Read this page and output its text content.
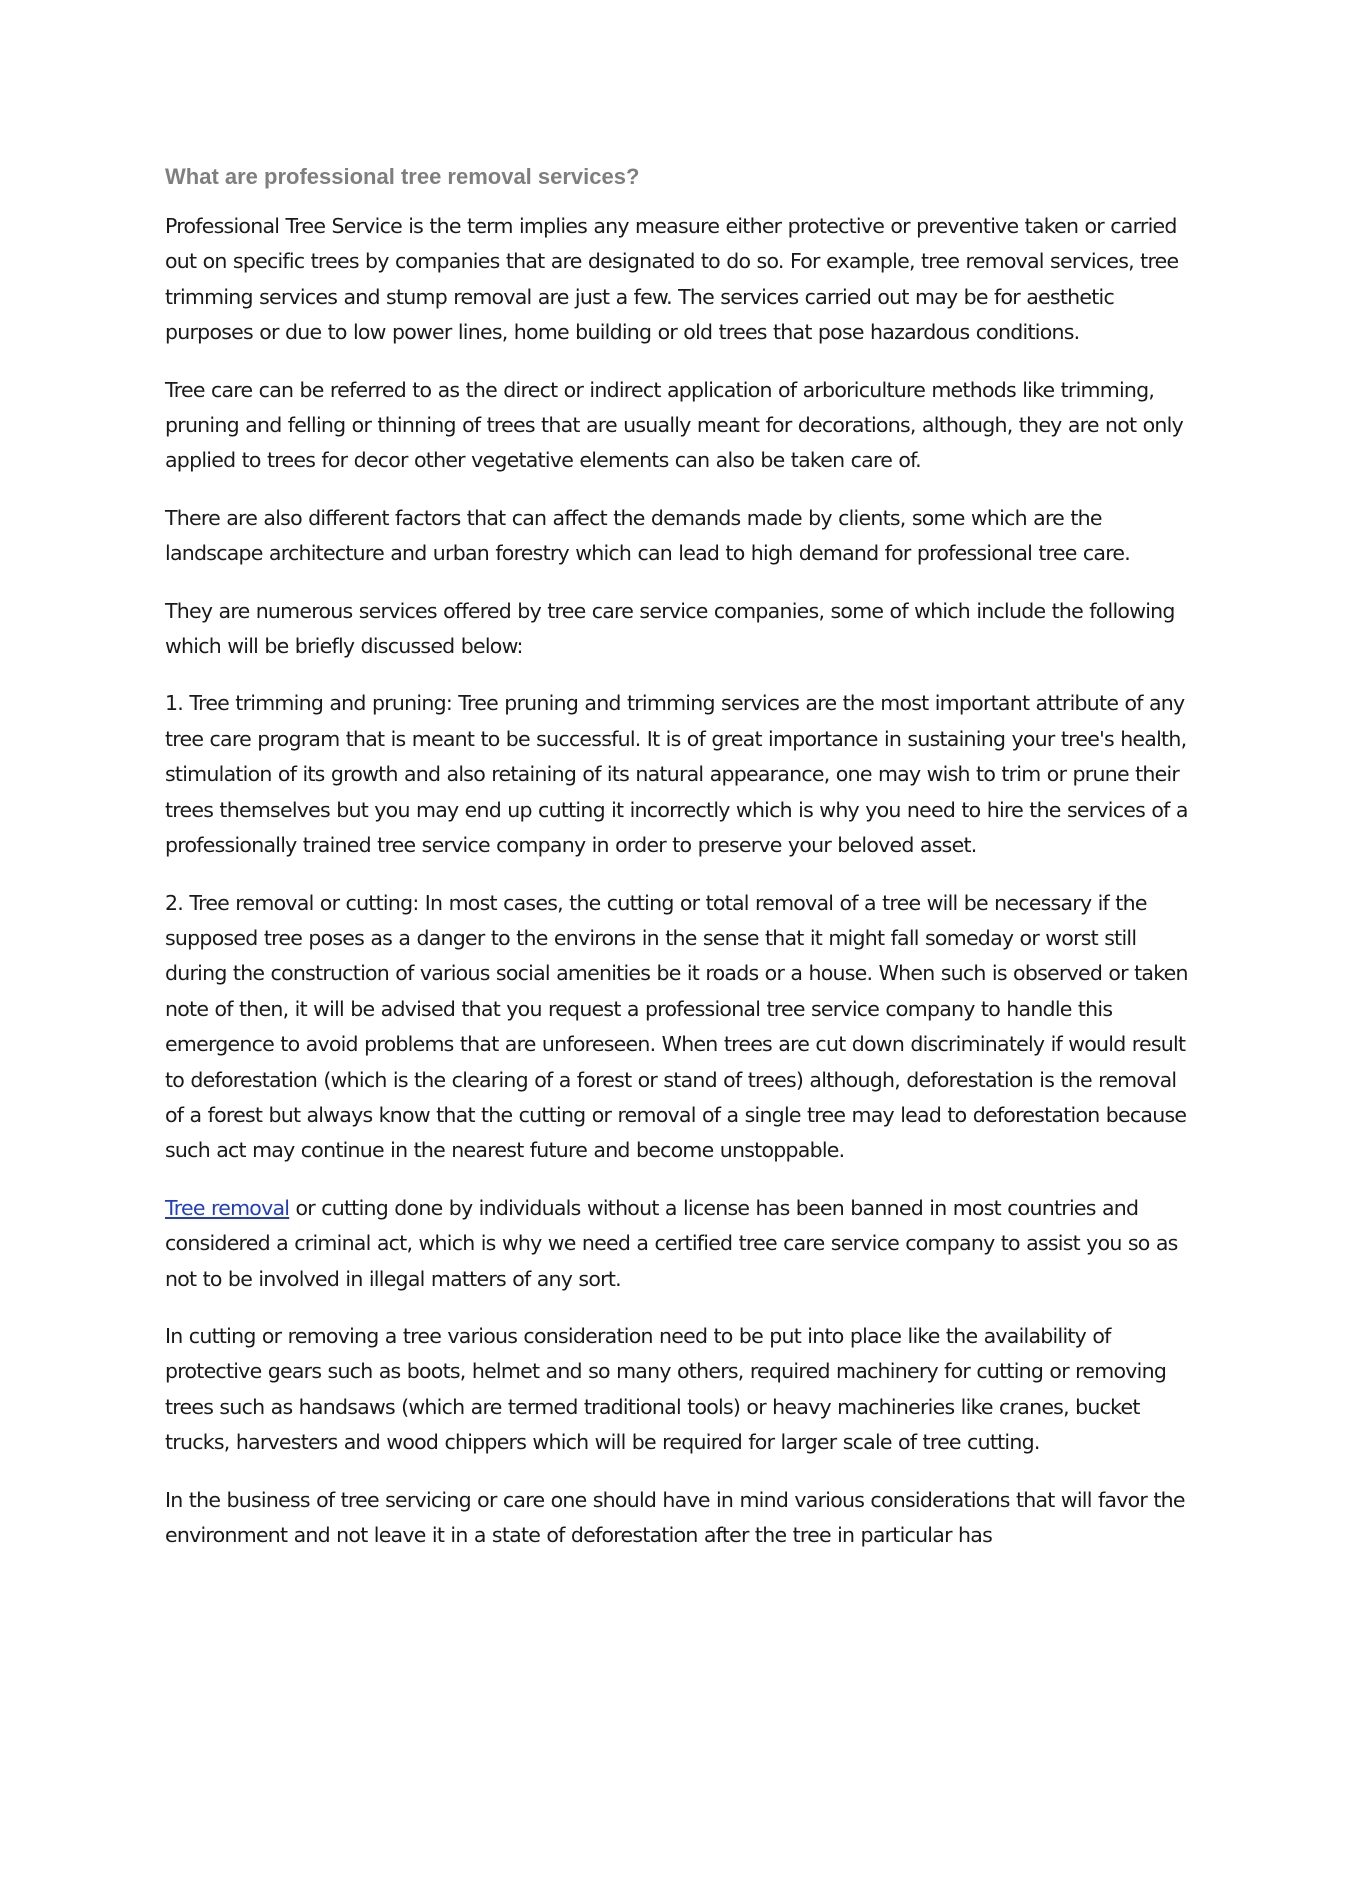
What are professional tree removal services?

Professional Tree Service is the term implies any measure either protective or preventive taken or carried out on specific trees by companies that are designated to do so. For example, tree removal services, tree trimming services and stump removal are just a few. The services carried out may be for aesthetic purposes or due to low power lines, home building or old trees that pose hazardous conditions.

Tree care can be referred to as the direct or indirect application of arboriculture methods like trimming, pruning and felling or thinning of trees that are usually meant for decorations, although, they are not only applied to trees for decor other vegetative elements can also be taken care of.

There are also different factors that can affect the demands made by clients, some which are the landscape architecture and urban forestry which can lead to high demand for professional tree care.

They are numerous services offered by tree care service companies, some of which include the following which will be briefly discussed below:

1. Tree trimming and pruning: Tree pruning and trimming services are the most important attribute of any tree care program that is meant to be successful. It is of great importance in sustaining your tree's health, stimulation of its growth and also retaining of its natural appearance, one may wish to trim or prune their trees themselves but you may end up cutting it incorrectly which is why you need to hire the services of a professionally trained tree service company in order to preserve your beloved asset.

2. Tree removal or cutting: In most cases, the cutting or total removal of a tree will be necessary if the supposed tree poses as a danger to the environs in the sense that it might fall someday or worst still during the construction of various social amenities be it roads or a house. When such is observed or taken note of then, it will be advised that you request a professional tree service company to handle this emergence to avoid problems that are unforeseen. When trees are cut down discriminately if would result to deforestation (which is the clearing of a forest or stand of trees) although, deforestation is the removal of a forest but always know that the cutting or removal of a single tree may lead to deforestation because such act may continue in the nearest future and become unstoppable.

Tree removal or cutting done by individuals without a license has been banned in most countries and considered a criminal act, which is why we need a certified tree care service company to assist you so as not to be involved in illegal matters of any sort.

In cutting or removing a tree various consideration need to be put into place like the availability of protective gears such as boots, helmet and so many others, required machinery for cutting or removing trees such as handsaws (which are termed traditional tools) or heavy machineries like cranes, bucket trucks, harvesters and wood chippers which will be required for larger scale of tree cutting.

In the business of tree servicing or care one should have in mind various considerations that will favor the environment and not leave it in a state of deforestation after the tree in particular has
